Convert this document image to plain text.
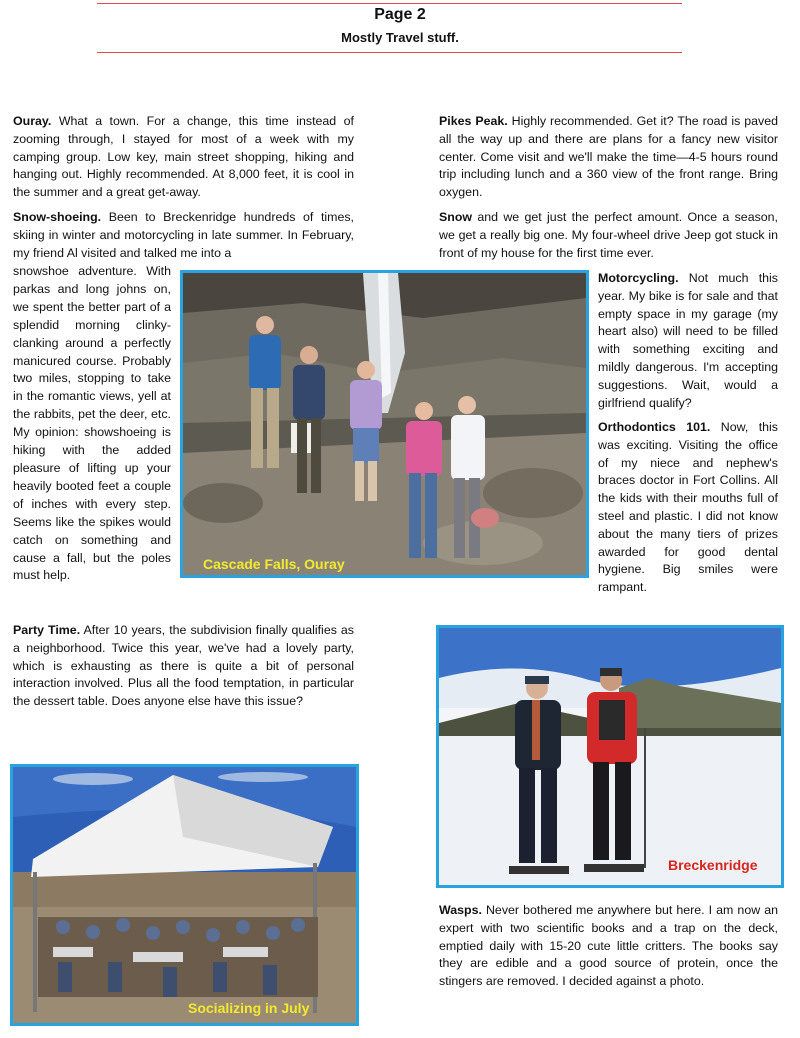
Page 2
Mostly Travel stuff.

Ouray. What a town. For a change, this time instead of zooming through, I stayed for most of a week with my camping group. Low key, main street shopping, hiking and hanging out. Highly recommended. At 8,000 feet, it is cool in the summer and a great get-away.

Snow-shoeing. Been to Breckenridge hundreds of times, skiing in winter and motorcycling in late summer. In February, my friend Al visited and talked me into a

snowshoe adventure. With parkas and long johns on, we spent the better part of a splendid morning clinky-clanking around a perfectly manicured course. Probably two miles, stopping to take in the romantic views, yell at the rabbits, pet the deer, etc. My opinion: showshoeing is hiking with the added pleasure of lifting up your heavily booted feet a couple of inches with every step. Seems like the spikes would catch on something and cause a fall, but the poles must help.

Party Time. After 10 years, the subdivision finally qualifies as a neighborhood. Twice this year, we've had a lovely party, which is exhausting as there is quite a bit of personal interaction involved. Plus all the food temptation, in particular the dessert table. Does anyone else have this issue?

Pikes Peak. Highly recommended. Get it? The road is paved all the way up and there are plans for a fancy new visitor center. Come visit and we'll make the time—4-5 hours round trip including lunch and a 360 view of the front range. Bring oxygen.

Snow and we get just the perfect amount. Once a season, we get a really big one. My four-wheel drive Jeep got stuck in front of my house for the first time ever.

Motorcycling. Not much this year. My bike is for sale and that empty space in my garage (my heart also) will need to be filled with something exciting and mildly dangerous. I'm accepting suggestions. Wait, would a girlfriend qualify?

Orthodontics 101. Now, this was exciting. Visiting the office of my niece and nephew's braces doctor in Fort Collins. All the kids with their mouths full of steel and plastic. I did not know about the many tiers of prizes awarded for good dental hygiene. Big smiles were rampant.

Wasps. Never bothered me anywhere but here. I am now an expert with two scientific books and a trap on the deck, emptied daily with 15-20 cute little critters. The books say they are edible and a good source of protein, once the stingers are removed. I decided against a photo.

Cascade Falls, Ouray
Breckenridge
Socializing in July
